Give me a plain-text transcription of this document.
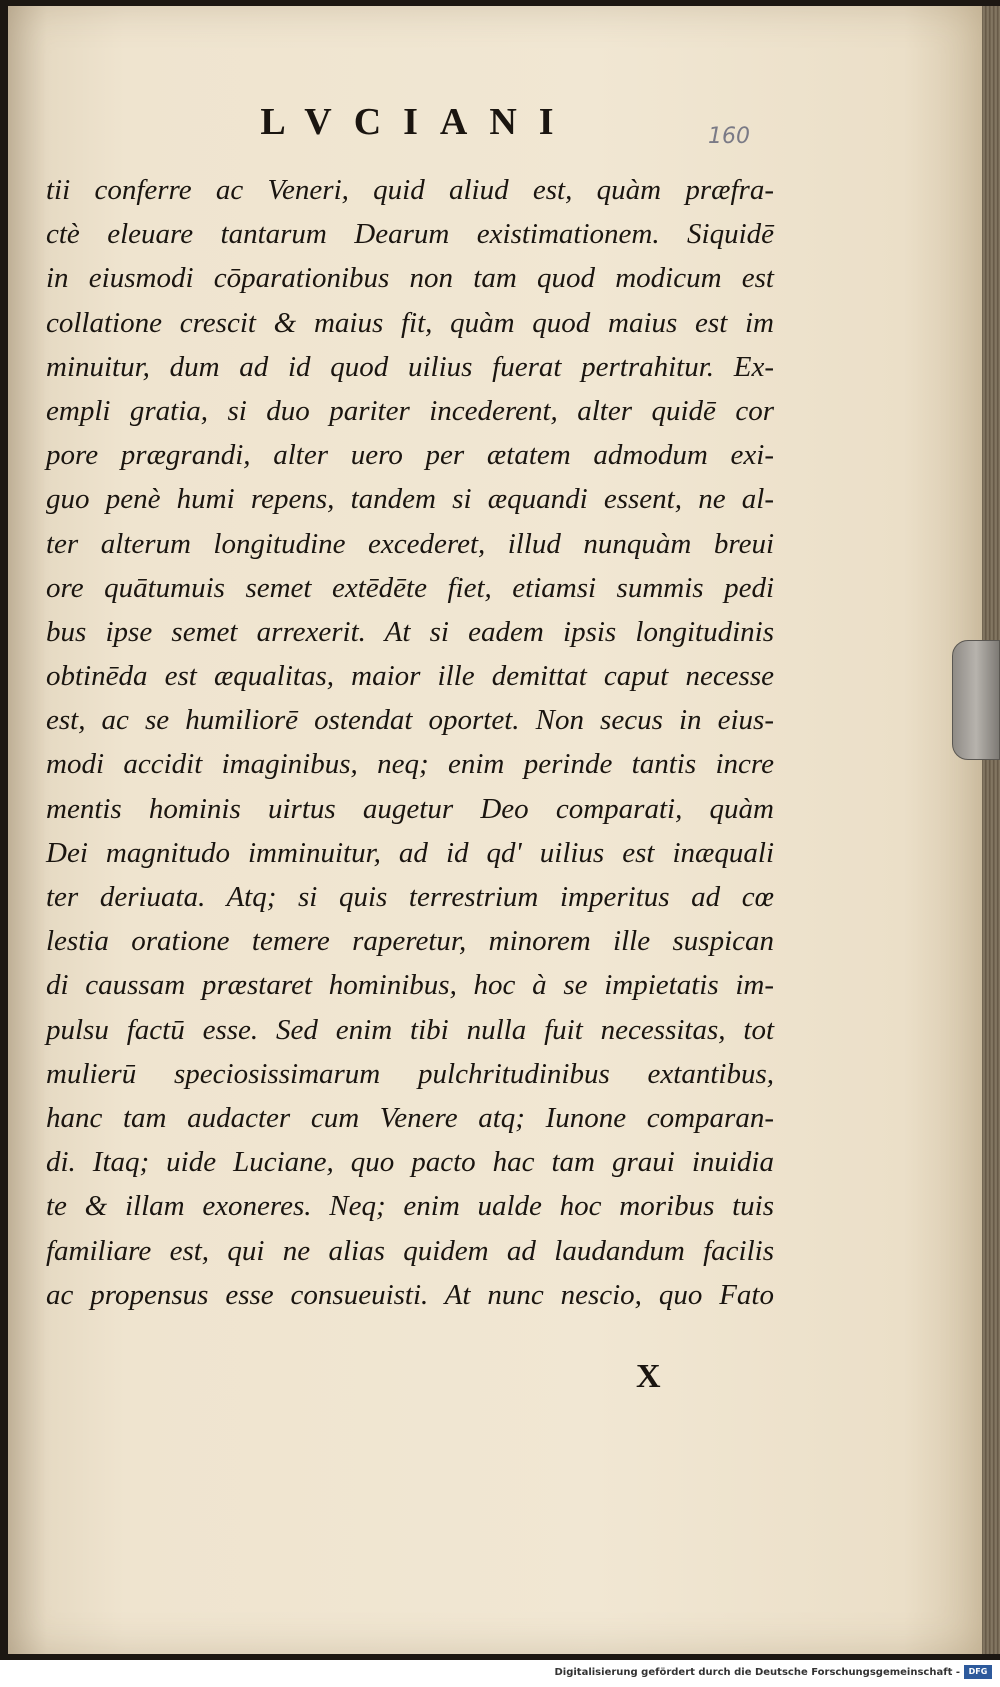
LVCIANI	160
tii conferre ac Veneri, quid aliud est, quàm præfra-
ctè eleuare tantarum Dearum existimationem. Siquidē
in eiusmodi cōparationibus non tam quod modicum est
collatione crescit & maius fit, quàm quod maius est im
minuitur, dum ad id quod uilius fuerat pertrahitur. Ex-
empli gratia, si duo pariter incederent, alter quidē cor
pore prægrandi, alter uero per ætatem admodum exi-
guo penè humi repens, tandem si æquandi essent, ne al-
ter alterum longitudine excederet, illud nunquàm breui
ore quātumuis semet extēdēte fiet, etiamsi summis pedi
bus ipse semet arrexerit. At si eadem ipsis longitudinis
obtinēda est æqualitas, maior ille demittat caput necesse
est, ac se humiliorē ostendat oportet. Non secus in eius-
modi accidit imaginibus, neq; enim perinde tantis incre
mentis hominis uirtus augetur Deo comparati, quàm
Dei magnitudo imminuitur, ad id qd' uilius est inæquali
ter deriuata. Atq; si quis terrestrium imperitus ad cœ
lestia oratione temere raperetur, minorem ille suspican
di caussam præstaret hominibus, hoc à se impietatis im-
pulsu factū esse. Sed enim tibi nulla fuit necessitas, tot
mulierū speciosissimarum pulchritudinibus extantibus,
hanc tam audacter cum Venere atq; Iunone comparan-
di. Itaq; uide Luciane, quo pacto hac tam graui inuidia
te & illam exoneres. Neq; enim ualde hoc moribus tuis
familiare est, qui ne alias quidem ad laudandum facilis
ac propensus esse consueuisti. At nunc nescio, quo Fato
X
Digitalisierung gefördert durch die Deutsche Forschungsgemeinschaft -	DFG
